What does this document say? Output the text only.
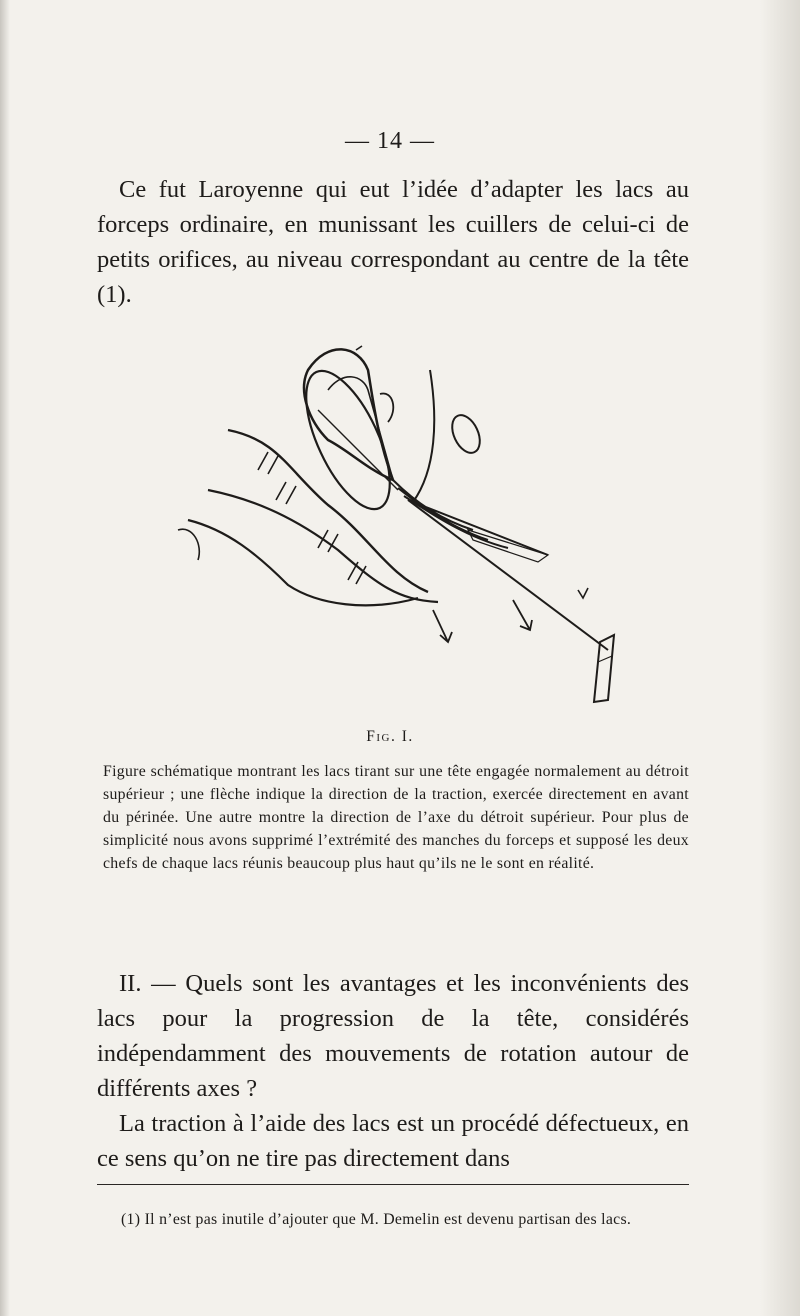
— 14 —

Ce fut Laroyenne qui eut l’idée d’adapter les lacs au forceps ordinaire, en munissant les cuillers de celui-ci de petits orifices, au niveau correspondant au centre de la tête (1).

Fig. I.

Figure schématique montrant les lacs tirant sur une tête engagée normalement au détroit supérieur ; une flèche indique la direction de la traction, exercée directement en avant du périnée. Une autre montre la direction de l’axe du détroit supérieur. Pour plus de simplicité nous avons supprimé l’extrémité des manches du forceps et supposé les deux chefs de chaque lacs réunis beaucoup plus haut qu’ils ne le sont en réalité.

II. — Quels sont les avantages et les inconvénients des lacs pour la progression de la tête, considérés indépendamment des mouvements de rotation autour de différents axes ?

La traction à l’aide des lacs est un procédé défectueux, en ce sens qu’on ne tire pas directement dans

(1) Il n’est pas inutile d’ajouter que M. Demelin est devenu partisan des lacs.
